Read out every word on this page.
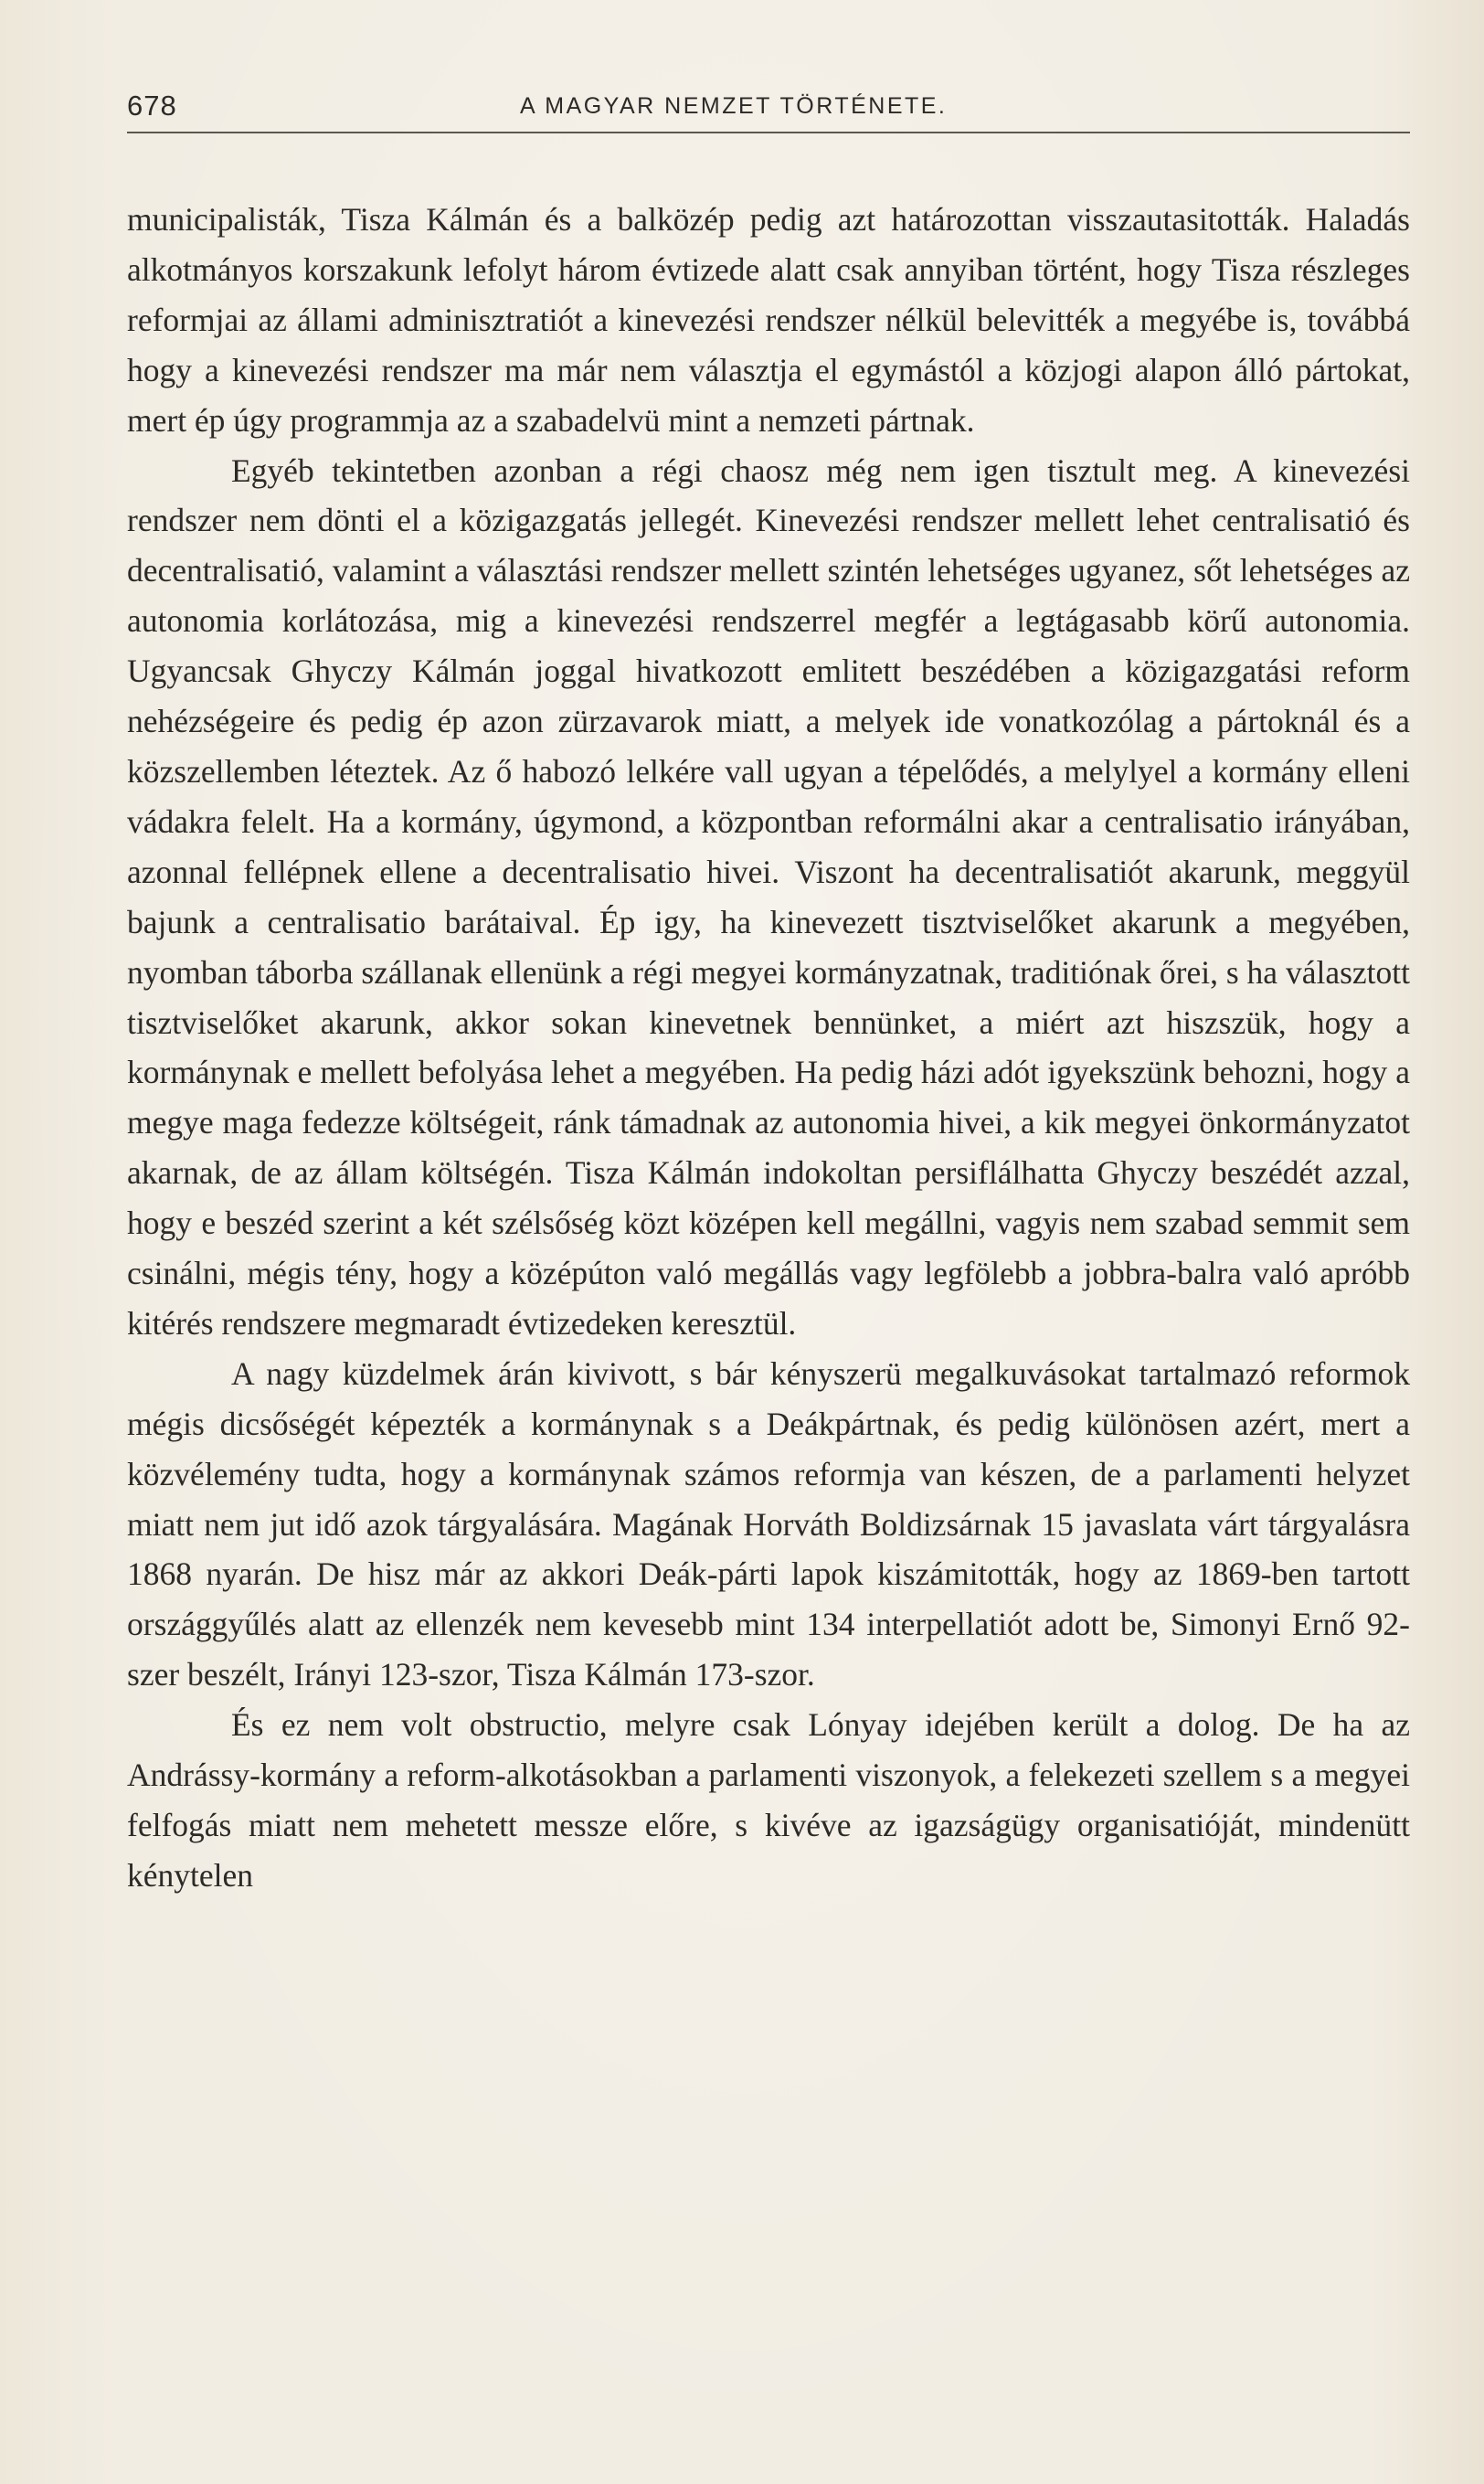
678	A MAGYAR NEMZET TÖRTÉNETE.

municipalisták, Tisza Kálmán és a balközép pedig azt határozottan visszautasitották. Haladás alkotmányos korszakunk lefolyt három évtizede alatt csak annyiban történt, hogy Tisza részleges reformjai az állami adminisztratiót a kinevezési rendszer nélkül belevitték a megyébe is, továbbá hogy a kinevezési rendszer ma már nem választja el egymástól a közjogi alapon álló pártokat, mert ép úgy programmja az a szabadelvü mint a nemzeti pártnak.

Egyéb tekintetben azonban a régi chaosz még nem igen tisztult meg. A kinevezési rendszer nem dönti el a közigazgatás jellegét. Kinevezési rendszer mellett lehet centralisatió és decentralisatió, valamint a választási rendszer mellett szintén lehetséges ugyanez, sőt lehetséges az autonomia korlátozása, mig a kinevezési rendszerrel megfér a legtágasabb körű autonomia. Ugyancsak Ghyczy Kálmán joggal hivatkozott emlitett beszédében a közigazgatási reform nehézségeire és pedig ép azon zürzavarok miatt, a melyek ide vonatkozólag a pártoknál és a közszellemben léteztek. Az ő habozó lelkére vall ugyan a tépelődés, a melylyel a kormány elleni vádakra felelt. Ha a kormány, úgymond, a központban reformálni akar a centralisatio irányában, azonnal fellépnek ellene a decentralisatio hivei. Viszont ha decentralisatiót akarunk, meggyül bajunk a centralisatio barátaival. Ép igy, ha kinevezett tisztviselőket akarunk a megyében, nyomban táborba szállanak ellenünk a régi megyei kormányzatnak, traditiónak őrei, s ha választott tisztviselőket akarunk, akkor sokan kinevetnek bennünket, a miért azt hiszszük, hogy a kormánynak e mellett befolyása lehet a megyében. Ha pedig házi adót igyekszünk behozni, hogy a megye maga fedezze költségeit, ránk támadnak az autonomia hivei, a kik megyei önkormányzatot akarnak, de az állam költségén. Tisza Kálmán indokoltan persiflálhatta Ghyczy beszédét azzal, hogy e beszéd szerint a két szélsőség közt középen kell megállni, vagyis nem szabad semmit sem csinálni, mégis tény, hogy a középúton való megállás vagy legfölebb a jobbra-balra való apróbb kitérés rendszere megmaradt évtizedeken keresztül.

A nagy küzdelmek árán kivivott, s bár kényszerü megalkuvásokat tartalmazó reformok mégis dicsőségét képezték a kormánynak s a Deákpártnak, és pedig különösen azért, mert a közvélemény tudta, hogy a kormánynak számos reformja van készen, de a parlamenti helyzet miatt nem jut idő azok tárgyalására. Magának Horváth Boldizsárnak 15 javaslata várt tárgyalásra 1868 nyarán. De hisz már az akkori Deák-párti lapok kiszámitották, hogy az 1869-ben tartott országgyűlés alatt az ellenzék nem kevesebb mint 134 interpellatiót adott be, Simonyi Ernő 92-szer beszélt, Irányi 123-szor, Tisza Kálmán 173-szor.

És ez nem volt obstructio, melyre csak Lónyay idejében került a dolog. De ha az Andrássy-kormány a reform-alkotásokban a parlamenti viszonyok, a felekezeti szellem s a megyei felfogás miatt nem mehetett messze előre, s kivéve az igazságügy organisatióját, mindenütt kénytelen
